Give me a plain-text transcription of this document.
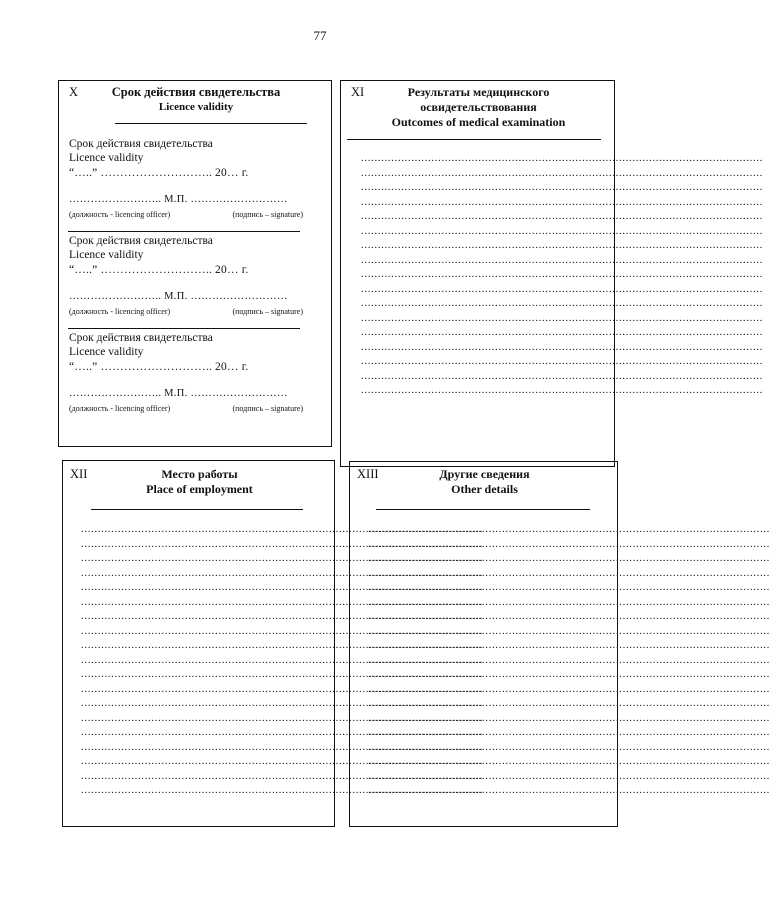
77
X	Срок действия свидетельства
Licence validity
Срок действия свидетельства
Licence validity
“…..” ……………………….. 20… г.
…………………….. М.П. ………………………
(должность - licencing officer)	(подпись – signature)
Срок действия свидетельства
Licence validity
“…..” ……………………….. 20… г.
…………………….. М.П. ………………………
(должность - licencing officer)	(подпись – signature)
Срок действия свидетельства
Licence validity
“…..” ……………………….. 20… г.
…………………….. М.П. ………………………
(должность - licencing officer)	(подпись – signature)
XI	Результаты медицинского
освидетельствования
Outcomes of medical examination
........................................................................................................................
........................................................................................................................
........................................................................................................................
........................................................................................................................
........................................................................................................................
........................................................................................................................
........................................................................................................................
........................................................................................................................
........................................................................................................................
........................................................................................................................
........................................................................................................................
........................................................................................................................
........................................................................................................................
........................................................................................................................
........................................................................................................................
........................................................................................................................
........................................................................................................................
XII	Место работы
Place of employment
........................................................................................................................
........................................................................................................................
........................................................................................................................
........................................................................................................................
........................................................................................................................
........................................................................................................................
........................................................................................................................
........................................................................................................................
........................................................................................................................
........................................................................................................................
........................................................................................................................
........................................................................................................................
........................................................................................................................
........................................................................................................................
........................................................................................................................
........................................................................................................................
........................................................................................................................
........................................................................................................................
........................................................................................................................
XIII	Другие сведения
Other details
........................................................................................................................
........................................................................................................................
........................................................................................................................
........................................................................................................................
........................................................................................................................
........................................................................................................................
........................................................................................................................
........................................................................................................................
........................................................................................................................
........................................................................................................................
........................................................................................................................
........................................................................................................................
........................................................................................................................
........................................................................................................................
........................................................................................................................
........................................................................................................................
........................................................................................................................
........................................................................................................................
........................................................................................................................
